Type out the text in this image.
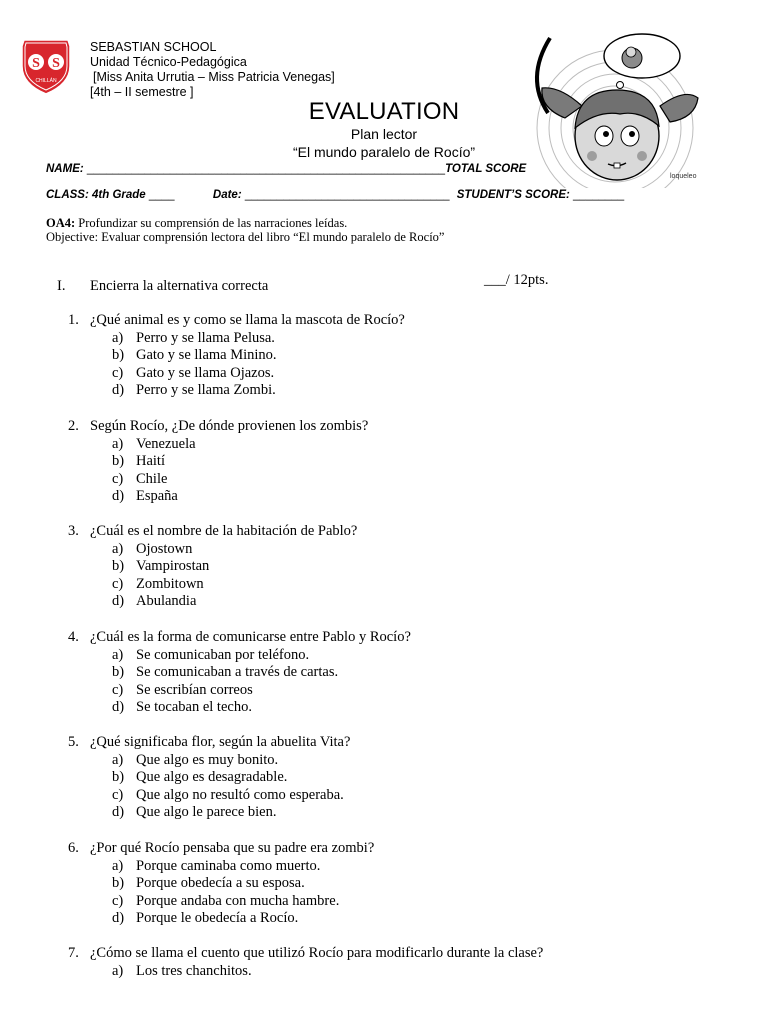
S S
CHILLÁN
SEBASTIAN SCHOOL
Unidad Técnico-Pedagógica
[Miss Anita Urrutia – Miss Patricia Venegas]
[4th – II semestre ]
EVALUATION
Plan lector
“El mundo paralelo de Rocío”
loqueleo
NAME: ________________________________________________________TOTAL SCORE
CLASS: 4th Grade ____	Date: ________________________________ STUDENT’S SCORE: ________
OA4: Profundizar su comprensión de las narraciones leídas.
Objective: Evaluar comprensión lectora del libro “El mundo paralelo de Rocío”
I. Encierra la alternativa correcta	___/ 12pts.
1. ¿Qué animal es y como se llama la mascota de Rocío?
a) Perro y se llama Pelusa.
b) Gato y se llama Minino.
c) Gato y se llama Ojazos.
d) Perro y se llama Zombi.
2. Según Rocío, ¿De dónde provienen los zombis?
a) Venezuela
b) Haití
c) Chile
d) España
3. ¿Cuál es el nombre de la habitación de Pablo?
a) Ojostown
b) Vampirostan
c) Zombitown
d) Abulandia
4. ¿Cuál es la forma de comunicarse entre Pablo y Rocío?
a) Se comunicaban por teléfono.
b) Se comunicaban a través de cartas.
c) Se escribían correos
d) Se tocaban el techo.
5. ¿Qué significaba flor, según la abuelita Vita?
a) Que algo es muy bonito.
b) Que algo es desagradable.
c) Que algo no resultó como esperaba.
d) Que algo le parece bien.
6. ¿Por qué Rocío pensaba que su padre era zombi?
a) Porque caminaba como muerto.
b) Porque obedecía a su esposa.
c) Porque andaba con mucha hambre.
d) Porque le obedecía a Rocío.
7. ¿Cómo se llama el cuento que utilizó Rocío para modificarlo durante la clase?
a) Los tres chanchitos.
